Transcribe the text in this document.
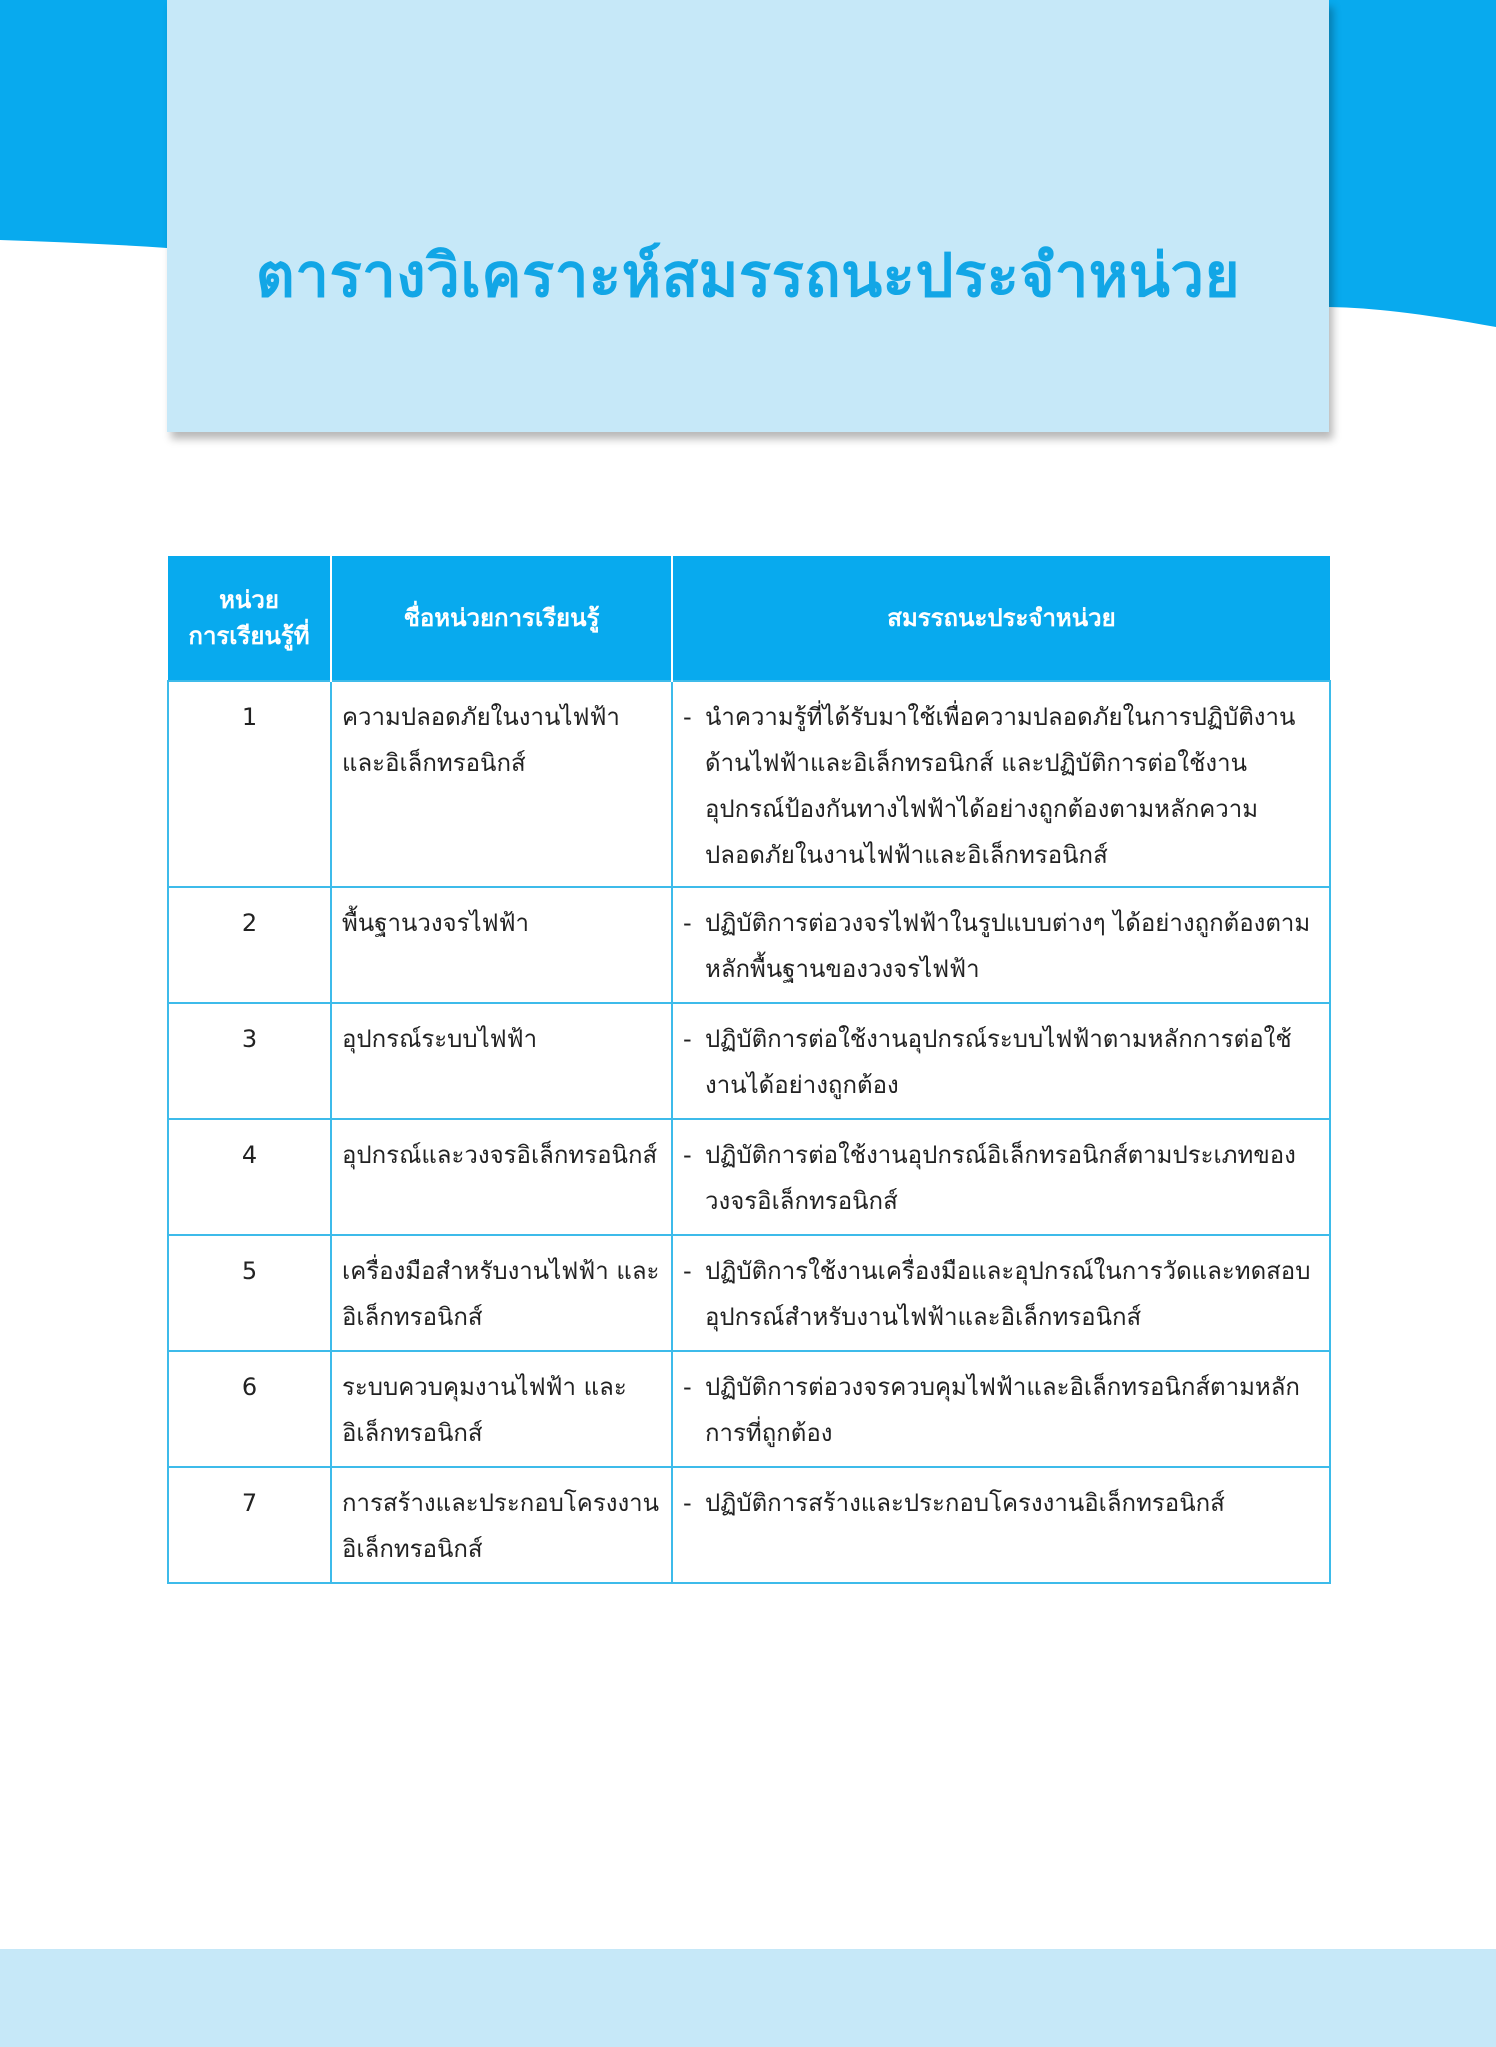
ตารางวิเคราะห์สมรรถนะประจำหน่วย
หน่วย
การเรียนรู้ที่	ชื่อหน่วยการเรียนรู้	สมรรถนะประจำหน่วย
1	ความปลอดภัยในงานไฟฟ้า และอิเล็กทรอนิกส์	- นำความรู้ที่ได้รับมาใช้เพื่อความปลอดภัยในการปฏิบัติงานด้านไฟฟ้าและอิเล็กทรอนิกส์ และปฏิบัติการต่อใช้งานอุปกรณ์ป้องกันทางไฟฟ้าได้อย่างถูกต้องตามหลักความปลอดภัยในงานไฟฟ้าและอิเล็กทรอนิกส์

2	พื้นฐานวงจรไฟฟ้า	- ปฏิบัติการต่อวงจรไฟฟ้าในรูปแบบต่างๆ ได้อย่างถูกต้องตามหลักพื้นฐานของวงจรไฟฟ้า

3	อุปกรณ์ระบบไฟฟ้า	- ปฏิบัติการต่อใช้งานอุปกรณ์ระบบไฟฟ้าตามหลักการต่อใช้งานได้อย่างถูกต้อง

4	อุปกรณ์และวงจรอิเล็กทรอนิกส์	- ปฏิบัติการต่อใช้งานอุปกรณ์อิเล็กทรอนิกส์ตามประเภทของวงจรอิเล็กทรอนิกส์

5	เครื่องมือสำหรับงานไฟฟ้า และอิเล็กทรอนิกส์	- ปฏิบัติการใช้งานเครื่องมือและอุปกรณ์ในการวัดและทดสอบอุปกรณ์สำหรับงานไฟฟ้าและอิเล็กทรอนิกส์

6	ระบบควบคุมงานไฟฟ้า และอิเล็กทรอนิกส์	- ปฏิบัติการต่อวงจรควบคุมไฟฟ้าและอิเล็กทรอนิกส์ตามหลักการที่ถูกต้อง

7	การสร้างและประกอบโครงงาน อิเล็กทรอนิกส์	- ปฏิบัติการสร้างและประกอบโครงงานอิเล็กทรอนิกส์
